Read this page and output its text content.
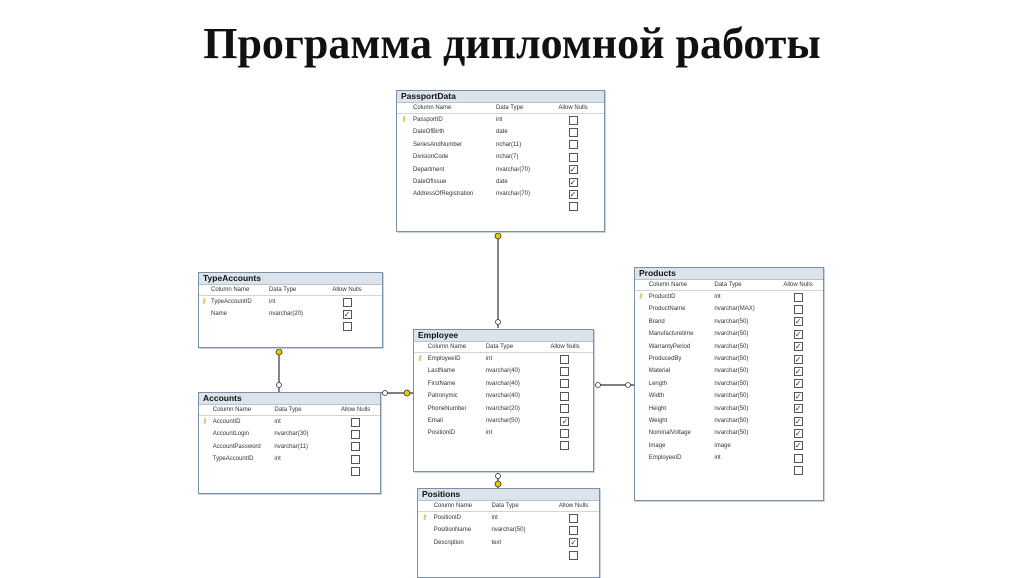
Программа дипломной работы
PassportData
Column Name	Data Type	Allow Nulls
⚷	PassportID	int
DateOfBirth	date
SeriesAndNumber	nchar(11)
DivisionCode	nchar(7)
Department	nvarchar(70)	✓
DateOfIssue	date	✓
AddressOfRegistration	nvarchar(70)	✓
TypeAccounts
Column Name	Data Type	Allow Nulls
⚷ TypeAccountID	int
Name	nvarchar(20)	✓
Accounts
Column Name	Data Type	Allow Nulls
⚷ AccountID	int
AccountLogin	nvarchar(30)
AccountPassword	nvarchar(11)
TypeAccountID	int
Employee
Column Name	Data Type	Allow Nulls
⚷ EmployeeID	int
LastName	nvarchar(40)
FirstName	nvarchar(40)
Patronymic	nvarchar(40)
PhoneNumber	nvarchar(20)
Email	nvarchar(50)	✓
PositionID	int
Positions
Column Name	Data Type	Allow Nulls
⚷	PositionID	int
PositionName	nvarchar(50)
Description	text	✓
Products
Column Name	Data Type	Allow Nulls
⚷ ProductID	int
ProductName	nvarchar(MAX)
Brand	nvarchar(50)	✓
Manufacturetime	nvarchar(50)	✓
WarrantyPeriod	nvarchar(50)	✓
ProducedBy	nvarchar(50)	✓
Material	nvarchar(50)	✓
Length	nvarchar(50)	✓
Width	nvarchar(50)	✓
Height	nvarchar(50)	✓
Weight	nvarchar(50)	✓
NominalVoltage	nvarchar(50)	✓
Image	image	✓
EmployeeID	int
